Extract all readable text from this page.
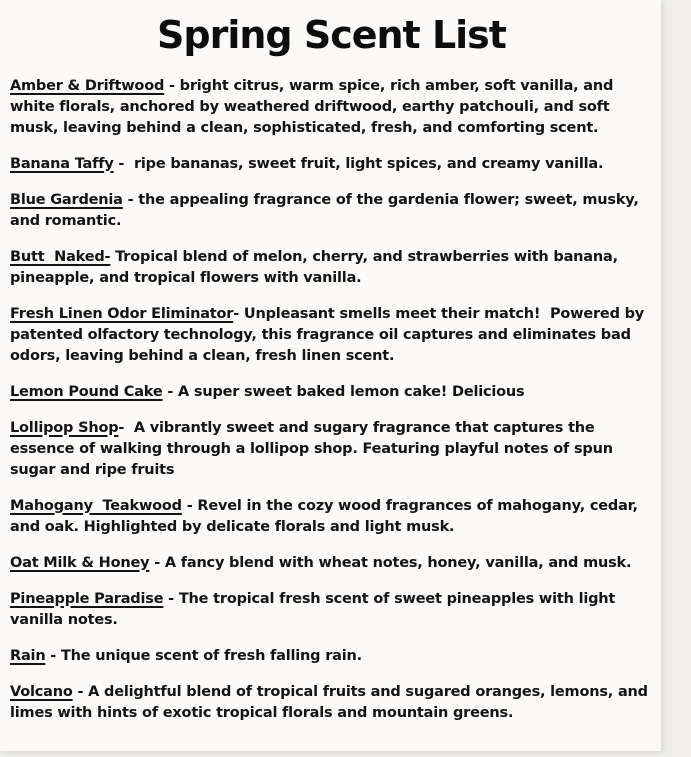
Spring Scent List

Amber & Driftwood - bright citrus, warm spice, rich amber, soft vanilla, and white florals, anchored by weathered driftwood, earthy patchouli, and soft musk, leaving behind a clean, sophisticated, fresh, and comforting scent.

Banana Taffy -  ripe bananas, sweet fruit, light spices, and creamy vanilla.

Blue Gardenia - the appealing fragrance of the gardenia flower; sweet, musky, and romantic.

Butt  Naked- Tropical blend of melon, cherry, and strawberries with banana, pineapple, and tropical flowers with vanilla.

Fresh Linen Odor Eliminator- Unpleasant smells meet their match!  Powered by patented olfactory technology, this fragrance oil captures and eliminates bad odors, leaving behind a clean, fresh linen scent.

Lemon Pound Cake - A super sweet baked lemon cake! Delicious

Lollipop Shop-  A vibrantly sweet and sugary fragrance that captures the essence of walking through a lollipop shop. Featuring playful notes of spun sugar and ripe fruits

Mahogany  Teakwood - Revel in the cozy wood fragrances of mahogany, cedar, and oak. Highlighted by delicate florals and light musk.

Oat Milk & Honey - A fancy blend with wheat notes, honey, vanilla, and musk.

Pineapple Paradise - The tropical fresh scent of sweet pineapples with light vanilla notes.

Rain - The unique scent of fresh falling rain.

Volcano - A delightful blend of tropical fruits and sugared oranges, lemons, and limes with hints of exotic tropical florals and mountain greens.
